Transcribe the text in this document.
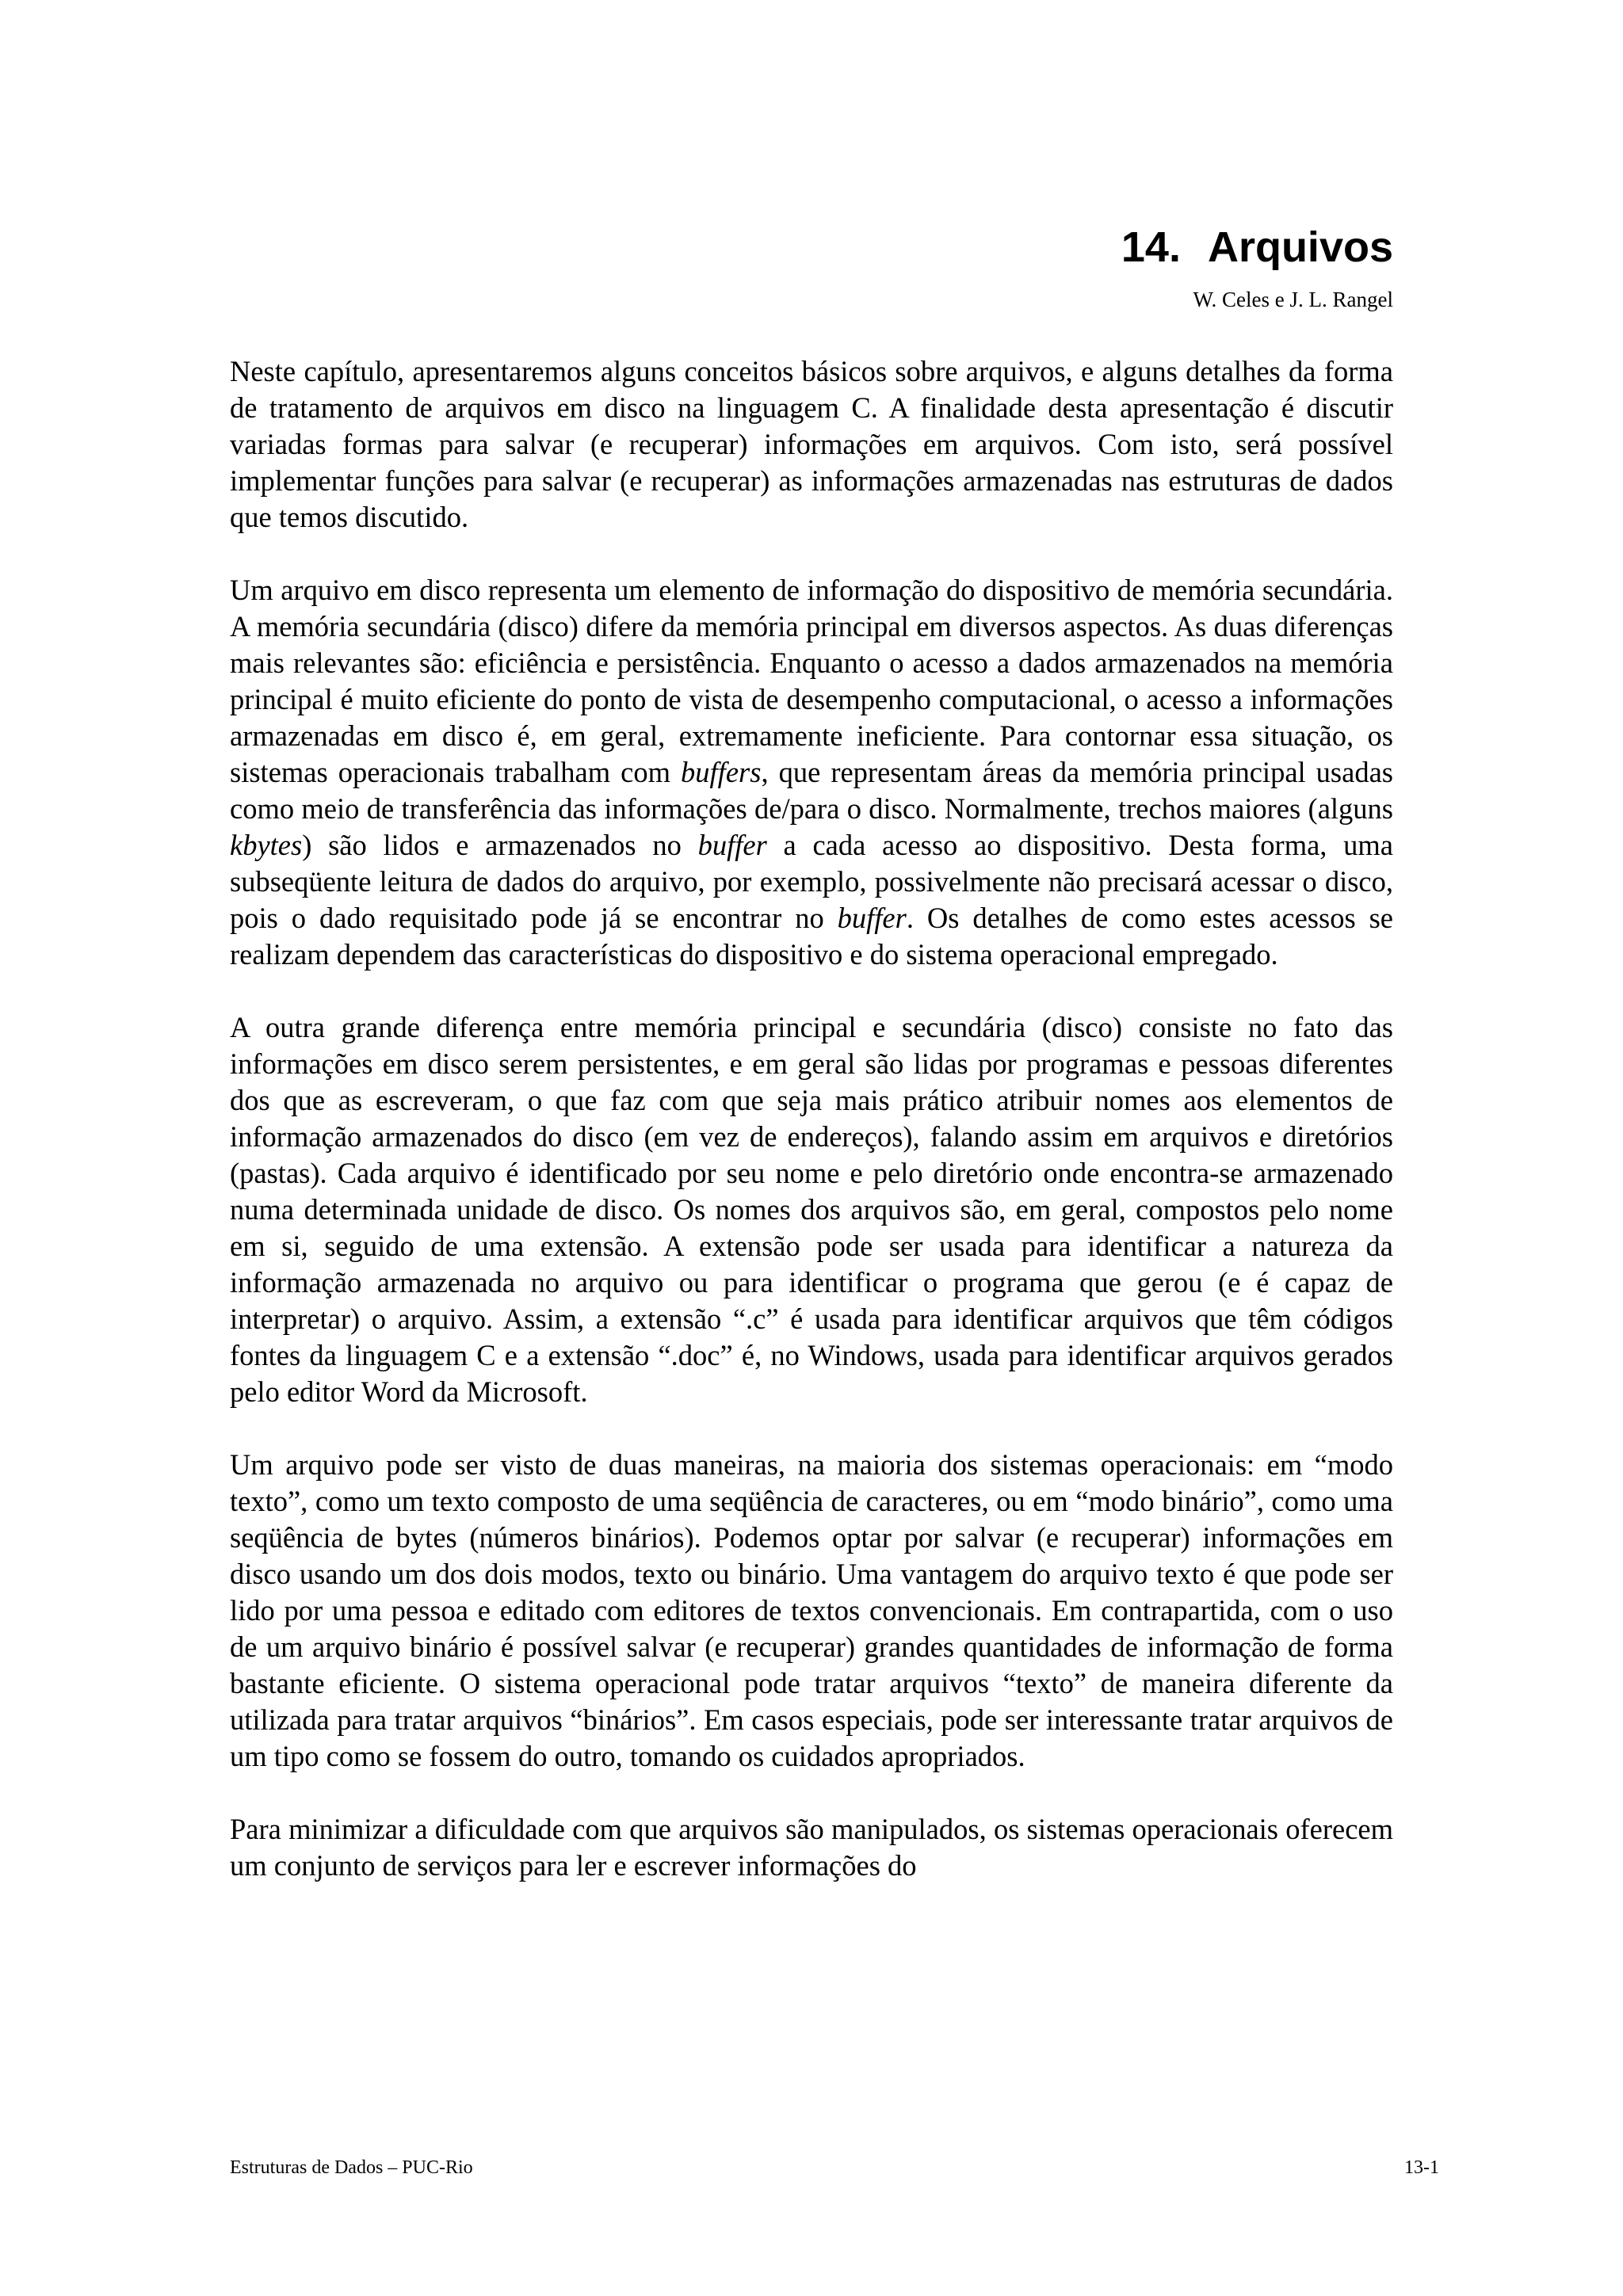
14. Arquivos
W. Celes e J. L. Rangel

Neste capítulo, apresentaremos alguns conceitos básicos sobre arquivos, e alguns detalhes da forma de tratamento de arquivos em disco na linguagem C. A finalidade desta apresentação é discutir variadas formas para salvar (e recuperar) informações em arquivos. Com isto, será possível implementar funções para salvar (e recuperar) as informações armazenadas nas estruturas de dados que temos discutido.

Um arquivo em disco representa um elemento de informação do dispositivo de memória secundária. A memória secundária (disco) difere da memória principal em diversos aspectos. As duas diferenças mais relevantes são: eficiência e persistência. Enquanto o acesso a dados armazenados na memória principal é muito eficiente do ponto de vista de desempenho computacional, o acesso a informações armazenadas em disco é, em geral, extremamente ineficiente. Para contornar essa situação, os sistemas operacionais trabalham com buffers, que representam áreas da memória principal usadas como meio de transferência das informações de/para o disco. Normalmente, trechos maiores (alguns kbytes) são lidos e armazenados no buffer a cada acesso ao dispositivo. Desta forma, uma subseqüente leitura de dados do arquivo, por exemplo, possivelmente não precisará acessar o disco, pois o dado requisitado pode já se encontrar no buffer. Os detalhes de como estes acessos se realizam dependem das características do dispositivo e do sistema operacional empregado.

A outra grande diferença entre memória principal e secundária (disco) consiste no fato das informações em disco serem persistentes, e em geral são lidas por programas e pessoas diferentes dos que as escreveram, o que faz com que seja mais prático atribuir nomes aos elementos de informação armazenados do disco (em vez de endereços), falando assim em arquivos e diretórios (pastas). Cada arquivo é identificado por seu nome e pelo diretório onde encontra-se armazenado numa determinada unidade de disco. Os nomes dos arquivos são, em geral, compostos pelo nome em si, seguido de uma extensão. A extensão pode ser usada para identificar a natureza da informação armazenada no arquivo ou para identificar o programa que gerou (e é capaz de interpretar) o arquivo. Assim, a extensão “.c” é usada para identificar arquivos que têm códigos fontes da linguagem C e a extensão “.doc” é, no Windows, usada para identificar arquivos gerados pelo editor Word da Microsoft.

Um arquivo pode ser visto de duas maneiras, na maioria dos sistemas operacionais: em “modo texto”, como um texto composto de uma seqüência de caracteres, ou em “modo binário”, como uma seqüência de bytes (números binários). Podemos optar por salvar (e recuperar) informações em disco usando um dos dois modos, texto ou binário. Uma vantagem do arquivo texto é que pode ser lido por uma pessoa e editado com editores de textos convencionais. Em contrapartida, com o uso de um arquivo binário é possível salvar (e recuperar) grandes quantidades de informação de forma bastante eficiente. O sistema operacional pode tratar arquivos “texto” de maneira diferente da utilizada para tratar arquivos “binários”. Em casos especiais, pode ser interessante tratar arquivos de um tipo como se fossem do outro, tomando os cuidados apropriados.

Para minimizar a dificuldade com que arquivos são manipulados, os sistemas operacionais oferecem um conjunto de serviços para ler e escrever informações do

Estruturas de Dados – PUC-Rio	13-1
